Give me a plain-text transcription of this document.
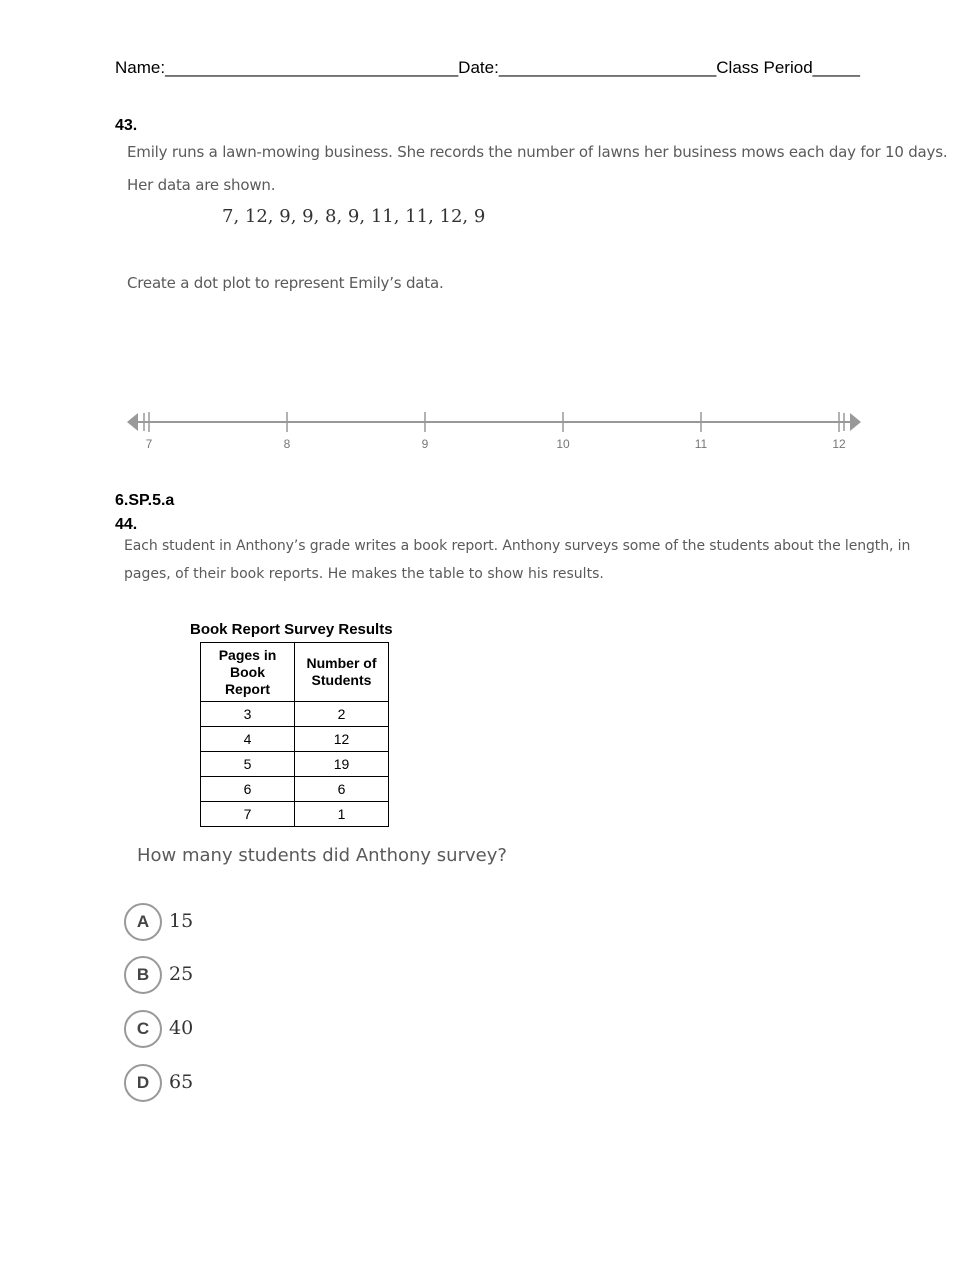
Name:_______________________________Date:_______________________Class Period_____
43.
Emily runs a lawn-mowing business. She records the number of lawns her business mows each day for 10 days.
Her data are shown.
7, 12, 9, 9, 8, 9, 11, 11, 12, 9
Create a dot plot to represent Emily’s data.
7	8	9	10	11	12
6.SP.5.a
44.
Each student in Anthony’s grade writes a book report. Anthony surveys some of the students about the length, in
pages, of their book reports. He makes the table to show his results.
Book Report Survey Results
Pages in
Book
Report	Number of
Students
3	2
4	12
5	19
6	6
7	1
How many students did Anthony survey?
A	15
B	25
C	40
D	65
